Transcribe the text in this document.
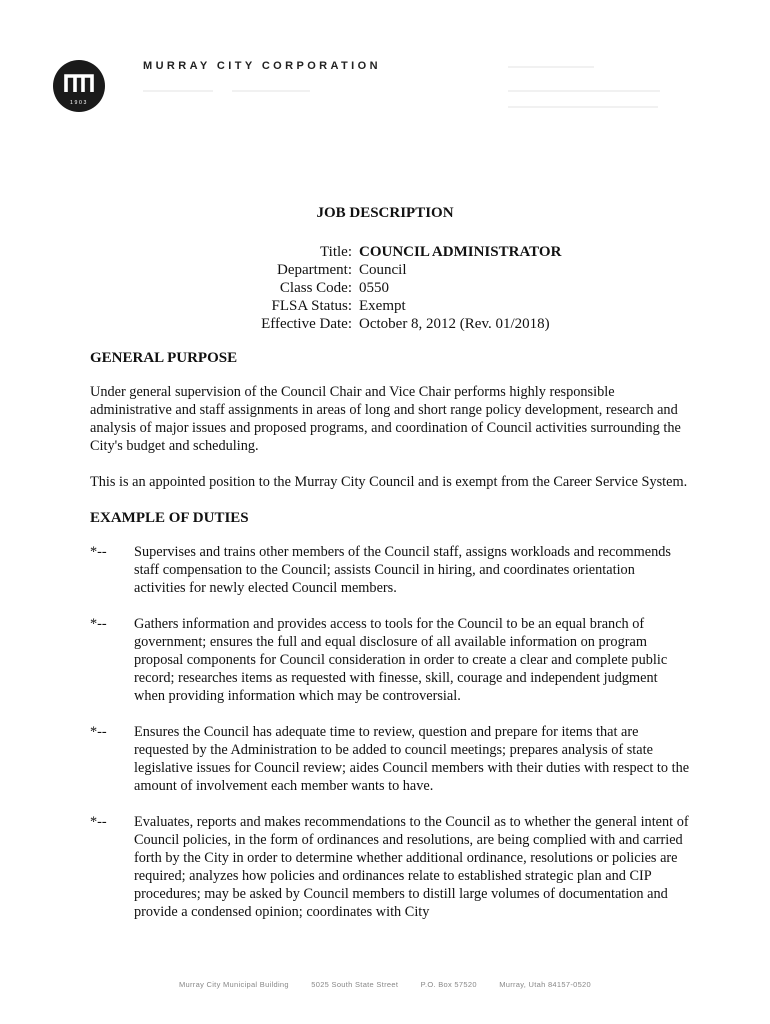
1903
MURRAY CITY CORPORATION
JOB DESCRIPTION
Title: COUNCIL ADMINISTRATOR
Department: Council
Class Code: 0550
FLSA Status: Exempt
Effective Date: October 8, 2012 (Rev. 01/2018)
GENERAL PURPOSE

Under general supervision of the Council Chair and Vice Chair performs highly responsible administrative and staff assignments in areas of long and short range policy development, research and analysis of major issues and proposed programs, and coordination of Council activities surrounding the City's budget and scheduling.

This is an appointed position to the Murray City Council and is exempt from the Career Service System.

EXAMPLE OF DUTIES
*--	Supervises and trains other members of the Council staff, assigns workloads and recommends staff compensation to the Council; assists Council in hiring, and coordinates orientation activities for newly elected Council members.
*--	Gathers information and provides access to tools for the Council to be an equal branch of government; ensures the full and equal disclosure of all available information on program proposal components for Council consideration in order to create a clear and complete public record; researches items as requested with finesse, skill, courage and independent judgment when providing information which may be controversial.
*--	Ensures the Council has adequate time to review, question and prepare for items that are requested by the Administration to be added to council meetings; prepares analysis of state legislative issues for Council review; aides Council members with their duties with respect to the amount of involvement each member wants to have.
*--	Evaluates, reports and makes recommendations to the Council as to whether the general intent of Council policies, in the form of ordinances and resolutions, are being complied with and carried forth by the City in order to determine whether additional ordinance, resolutions or policies are required; analyzes how policies and ordinances relate to established strategic plan and CIP procedures; may be asked by Council members to distill large volumes of documentation and provide a condensed opinion; coordinates with City
Murray City Municipal Building	5025 South State Street	P.O. Box 57520	Murray, Utah 84157-0520
